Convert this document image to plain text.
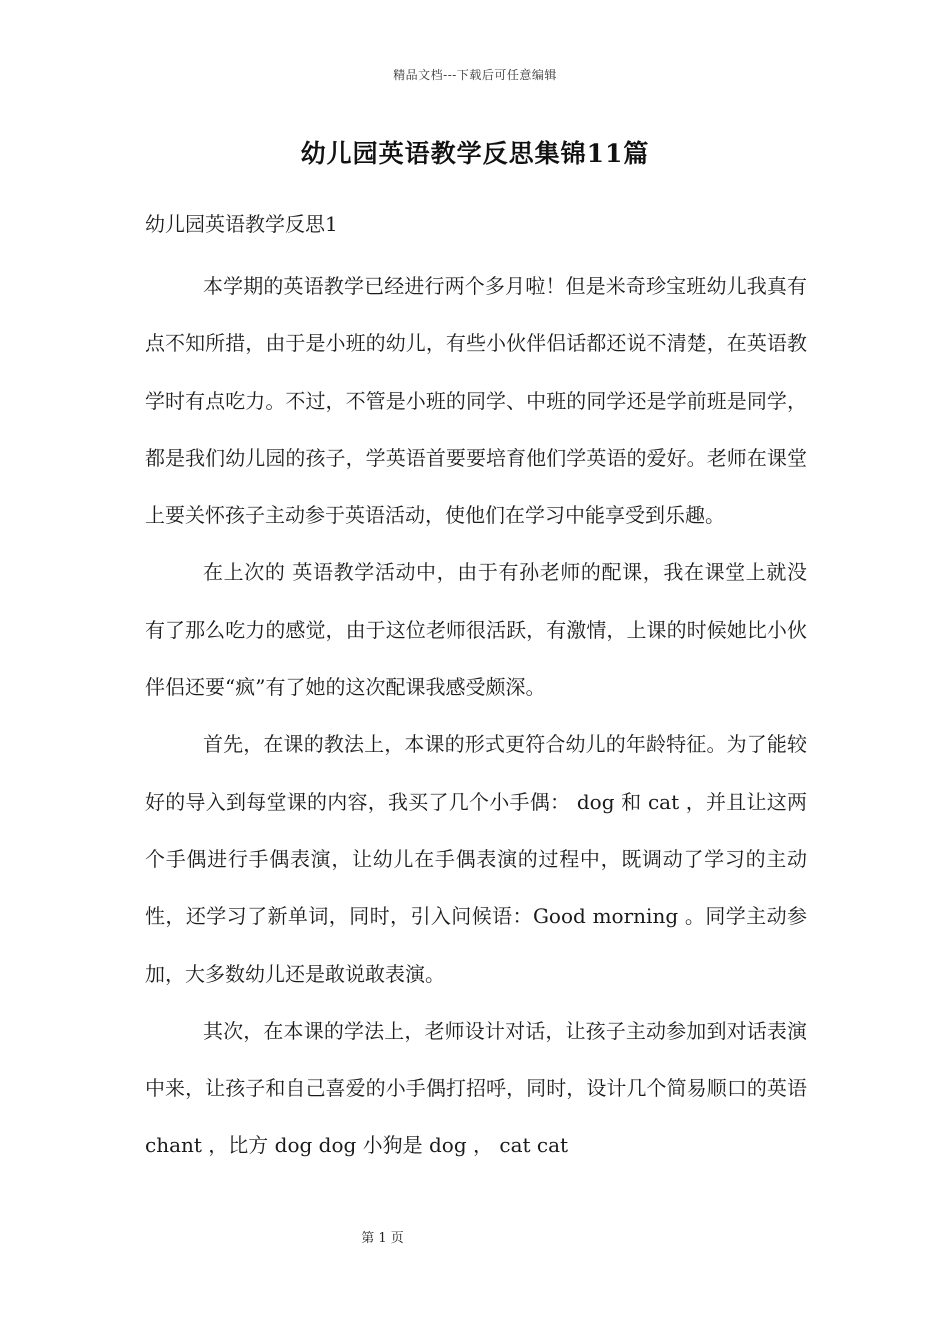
精品文档---下载后可任意编辑
幼儿园英语教学反思集锦11篇
幼儿园英语教学反思1

本学期的英语教学已经进行两个多月啦！但是米奇珍宝班幼儿我真有点不知所措，由于是小班的幼儿，有些小伙伴侣话都还说不清楚，在英语教学时有点吃力。不过，不管是小班的同学、中班的同学还是学前班是同学，都是我们幼儿园的孩子，学英语首要要培育他们学英语的爱好。老师在课堂上要关怀孩子主动参于英语活动，使他们在学习中能享受到乐趣。

在上次的 英语教学活动中，由于有孙老师的配课，我在课堂上就没有了那么吃力的感觉，由于这位老师很活跃，有激情，上课的时候她比小伙伴侣还要“疯”有了她的这次配课我感受颇深。

首先，在课的教法上，本课的形式更符合幼儿的年龄特征。为了能较好的导入到每堂课的内容，我买了几个小手偶： dog 和 cat ，并且让这两个手偶进行手偶表演，让幼儿在手偶表演的过程中，既调动了学习的主动性，还学习了新单词，同时，引入问候语：Good morning 。同学主动参加，大多数幼儿还是敢说敢表演。

其次，在本课的学法上，老师设计对话，让孩子主动参加到对话表演中来，让孩子和自己喜爱的小手偶打招呼，同时，设计几个简易顺口的英语 chant ，比方 dog dog 小狗是 dog ， cat cat

第 1 页
